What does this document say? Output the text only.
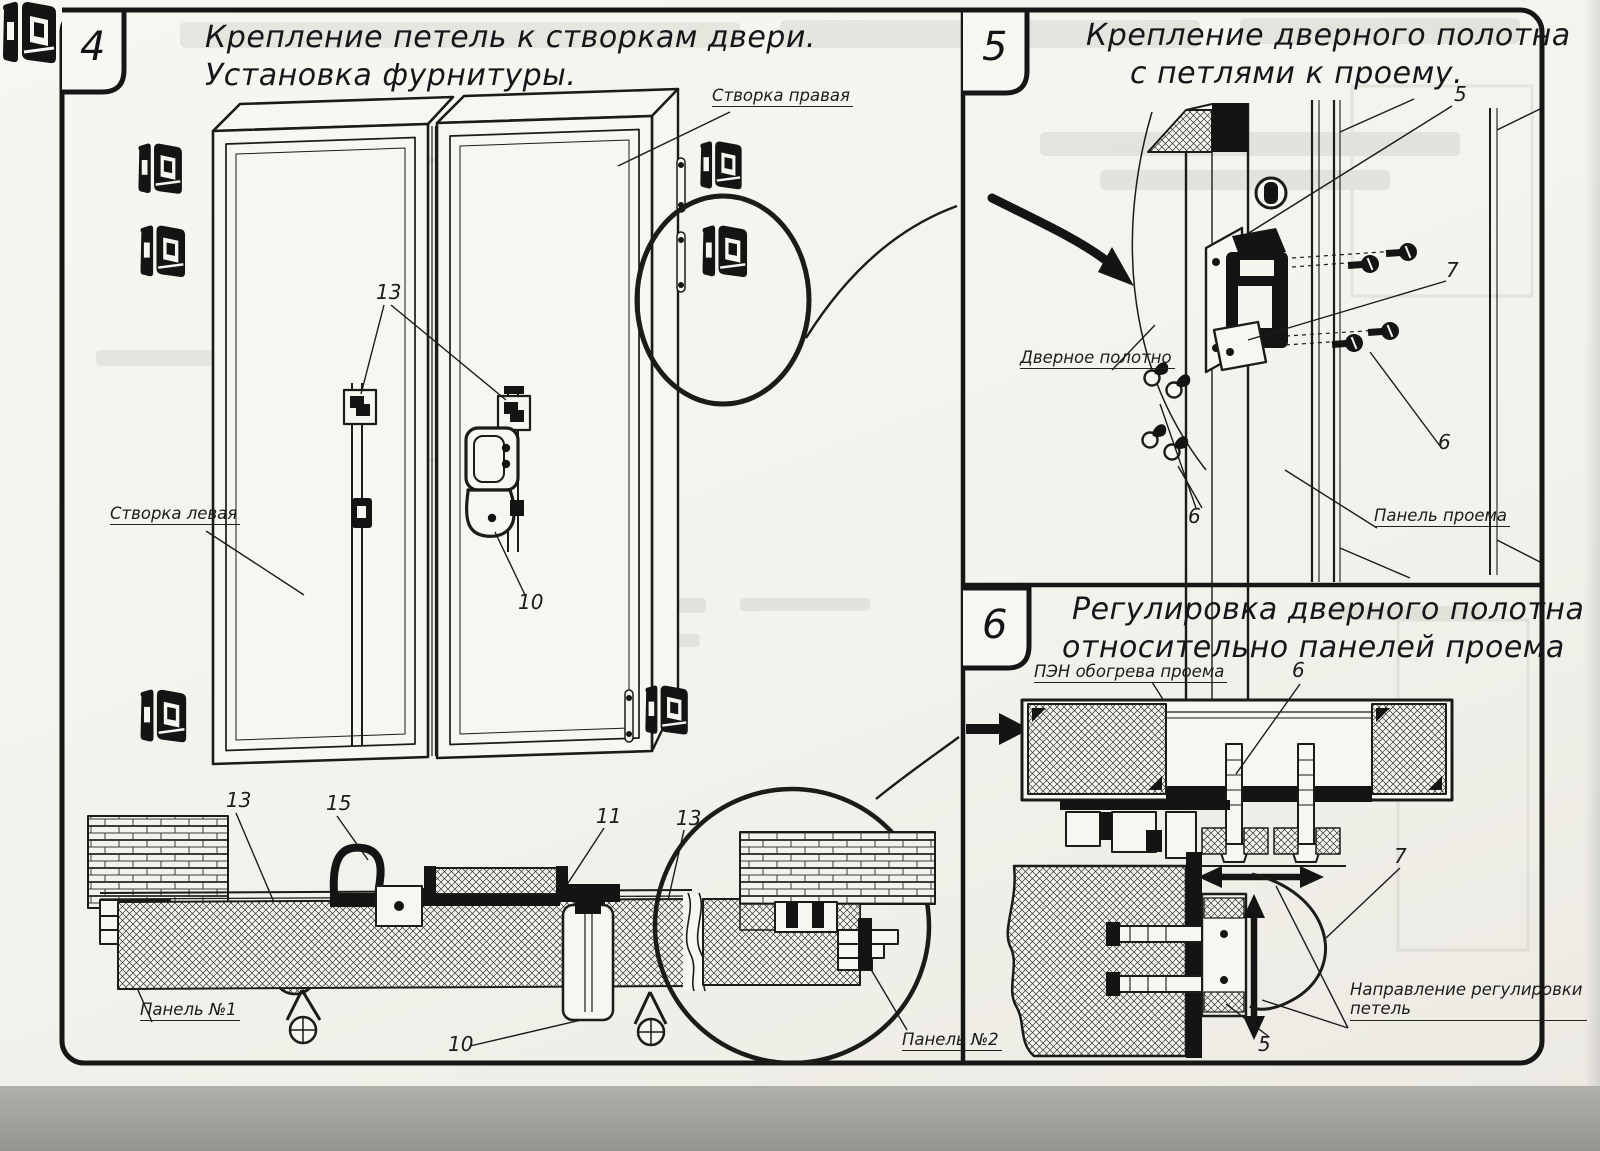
4	5
6
Крепление петель к створкам двери.
Установка фурнитуры.
Крепление дверного полотна
с петлями к проему.
Регулировка дверного полотна
относительно панелей проема
Створка правая
Створка левая
Панель №1
Панель №2
13
10
13	15
11	13
10
Дверное полотно
Панель проема
5
7
6
6
ПЭН обогрева проема
Направление регулировки
петель
6
7
5
